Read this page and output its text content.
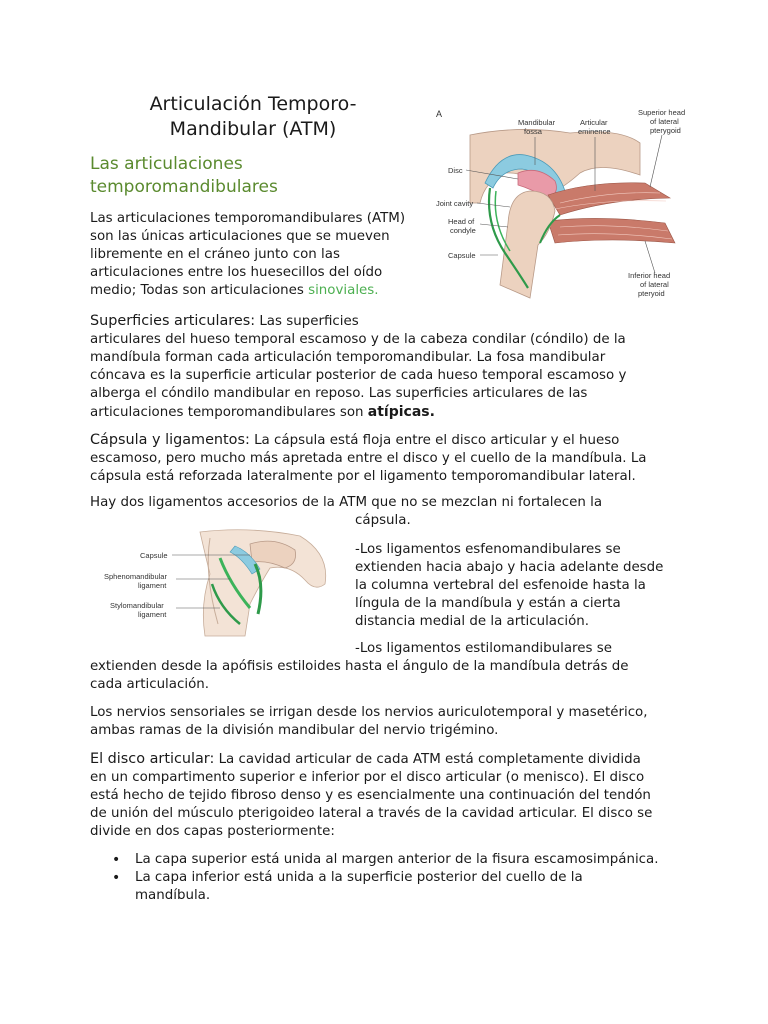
Articulación Temporo-
Mandibular (ATM)
Las articulaciones
temporomandibulares
Las articulaciones temporomandibulares (ATM)
son las únicas articulaciones que se mueven
libremente en el cráneo junto con las
articulaciones entre los huesecillos del oído
medio; Todas son articulaciones sinoviales.
A
Mandibular fossa
Articular eminence
Superior head of lateral pterygoid
Disc
Joint cavity
Head of condyle
Capsule
Inferior head of lateral pteryoid
Superficies articulares: Las superficies
articulares del hueso temporal escamoso y de la cabeza condilar (cóndilo) de la
mandíbula forman cada articulación temporomandibular. La fosa mandibular
cóncava es la superficie articular posterior de cada hueso temporal escamoso y
alberga el cóndilo mandibular en reposo. Las superficies articulares de las
articulaciones temporomandibulares son atípicas.
Cápsula y ligamentos: La cápsula está floja entre el disco articular y el hueso
escamoso, pero mucho más apretada entre el disco y el cuello de la mandíbula. La
cápsula está reforzada lateralmente por el ligamento temporomandibular lateral.
Hay dos ligamentos accesorios de la ATM que no se mezclan ni fortalecen la
cápsula.
Capsule
Sphenomandibular ligament
Stylomandibular ligament
-Los ligamentos esfenomandibulares se
extienden hacia abajo y hacia adelante desde
la columna vertebral del esfenoide hasta la
língula de la mandíbula y están a cierta
distancia medial de la articulación.
-Los ligamentos estilomandibulares se
extienden desde la apófisis estiloides hasta el ángulo de la mandíbula detrás de
cada articulación.
Los nervios sensoriales se irrigan desde los nervios auriculotemporal y masetérico,
ambas ramas de la división mandibular del nervio trigémino.
El disco articular: La cavidad articular de cada ATM está completamente dividida
en un compartimento superior e inferior por el disco articular (o menisco). El disco
está hecho de tejido fibroso denso y es esencialmente una continuación del tendón
de unión del músculo pterigoideo lateral a través de la cavidad articular. El disco se
divide en dos capas posteriormente:
• La capa superior está unida al margen anterior de la fisura escamosimpánica.
• La capa inferior está unida a la superficie posterior del cuello de la
mandíbula.
